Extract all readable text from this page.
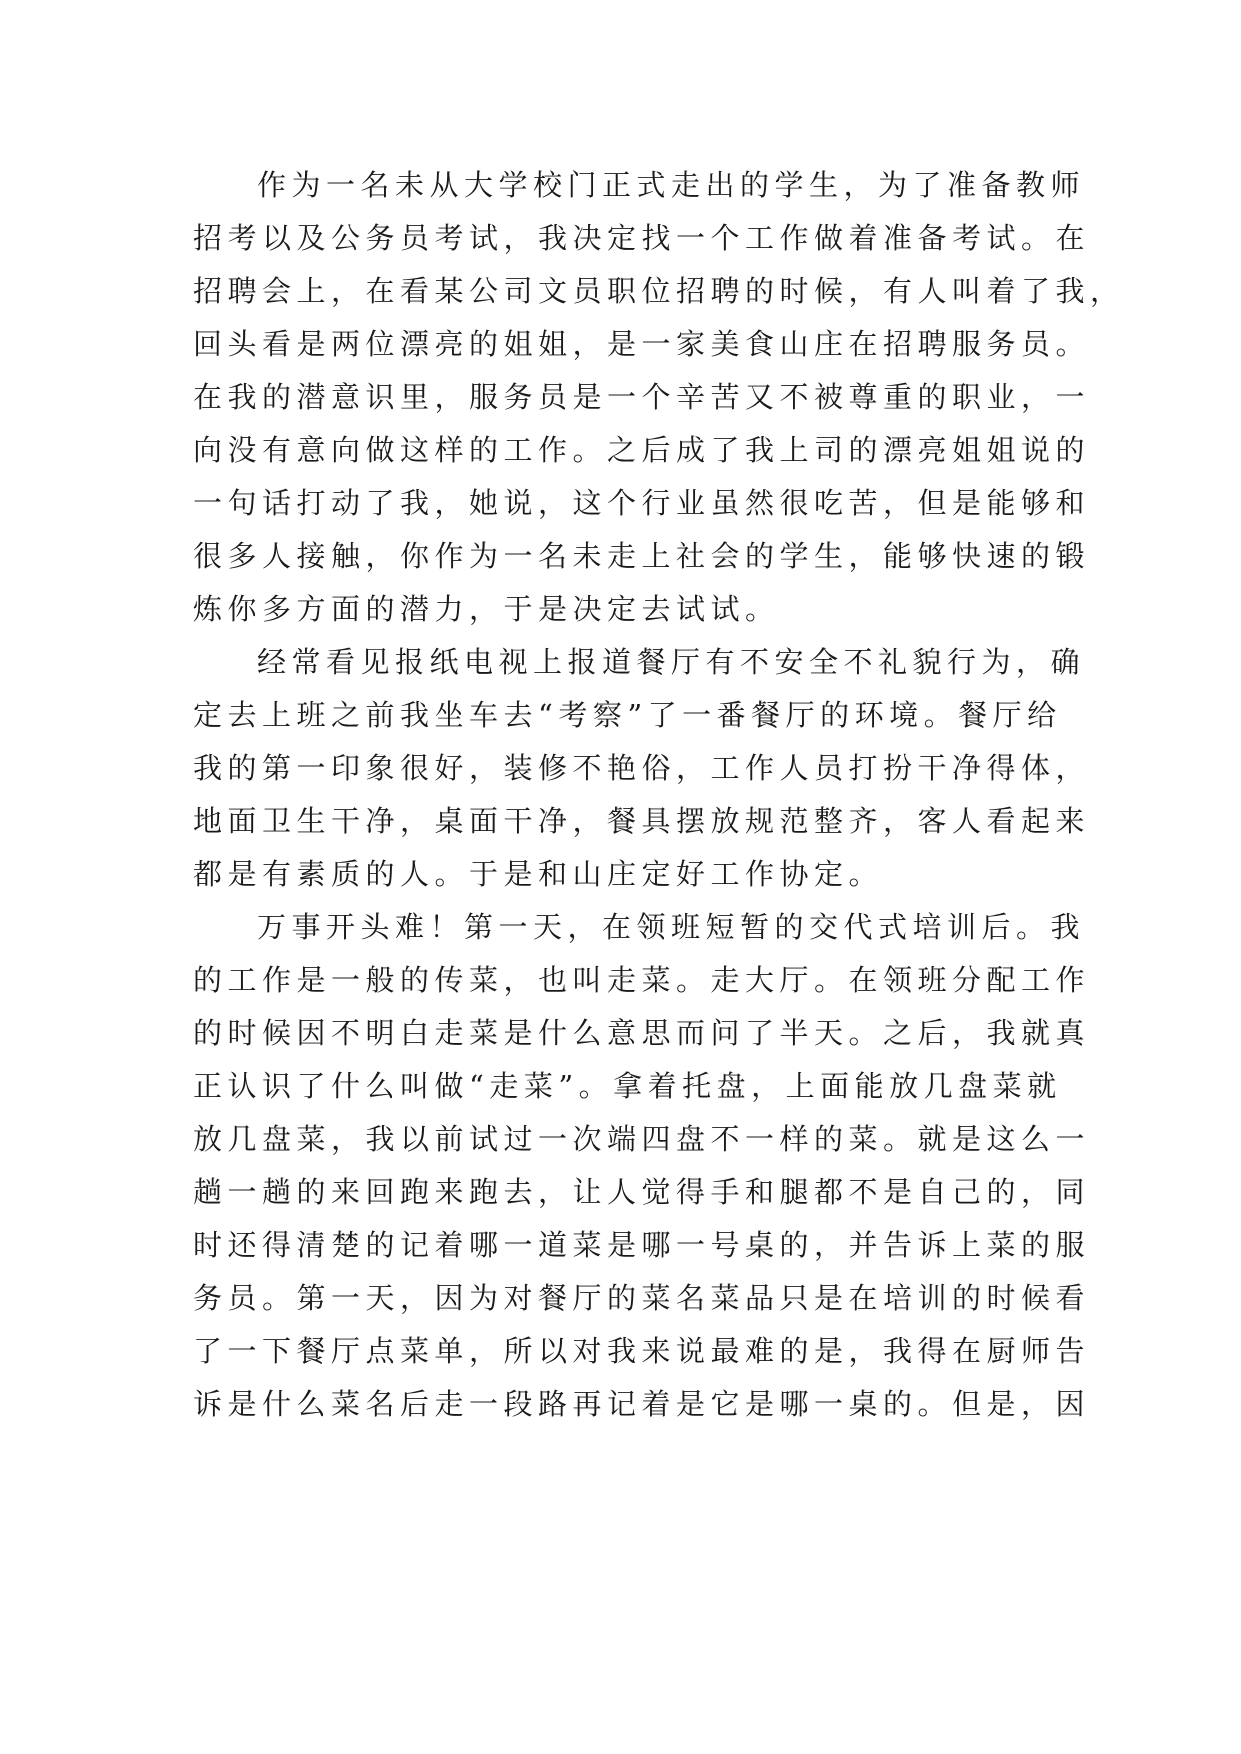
作为一名未从大学校门正式走出的学生，为了准备教师
招考以及公务员考试，我决定找一个工作做着准备考试。在
招聘会上，在看某公司文员职位招聘的时候，有人叫着了我，
回头看是两位漂亮的姐姐，是一家美食山庄在招聘服务员。
在我的潜意识里，服务员是一个辛苦又不被尊重的职业，一
向没有意向做这样的工作。之后成了我上司的漂亮姐姐说的
一句话打动了我，她说，这个行业虽然很吃苦，但是能够和
很多人接触，你作为一名未走上社会的学生，能够快速的锻
炼你多方面的潜力，于是决定去试试。
经常看见报纸电视上报道餐厅有不安全不礼貌行为，确
定去上班之前我坐车去“考察”了一番餐厅的环境。餐厅给
我的第一印象很好，装修不艳俗，工作人员打扮干净得体，
地面卫生干净，桌面干净，餐具摆放规范整齐，客人看起来
都是有素质的人。于是和山庄定好工作协定。
万事开头难！第一天，在领班短暂的交代式培训后。我
的工作是一般的传菜，也叫走菜。走大厅。在领班分配工作
的时候因不明白走菜是什么意思而问了半天。之后，我就真
正认识了什么叫做“走菜”。拿着托盘，上面能放几盘菜就
放几盘菜，我以前试过一次端四盘不一样的菜。就是这么一
趟一趟的来回跑来跑去，让人觉得手和腿都不是自己的，同
时还得清楚的记着哪一道菜是哪一号桌的，并告诉上菜的服
务员。第一天，因为对餐厅的菜名菜品只是在培训的时候看
了一下餐厅点菜单，所以对我来说最难的是，我得在厨师告
诉是什么菜名后走一段路再记着是它是哪一桌的。但是，因
